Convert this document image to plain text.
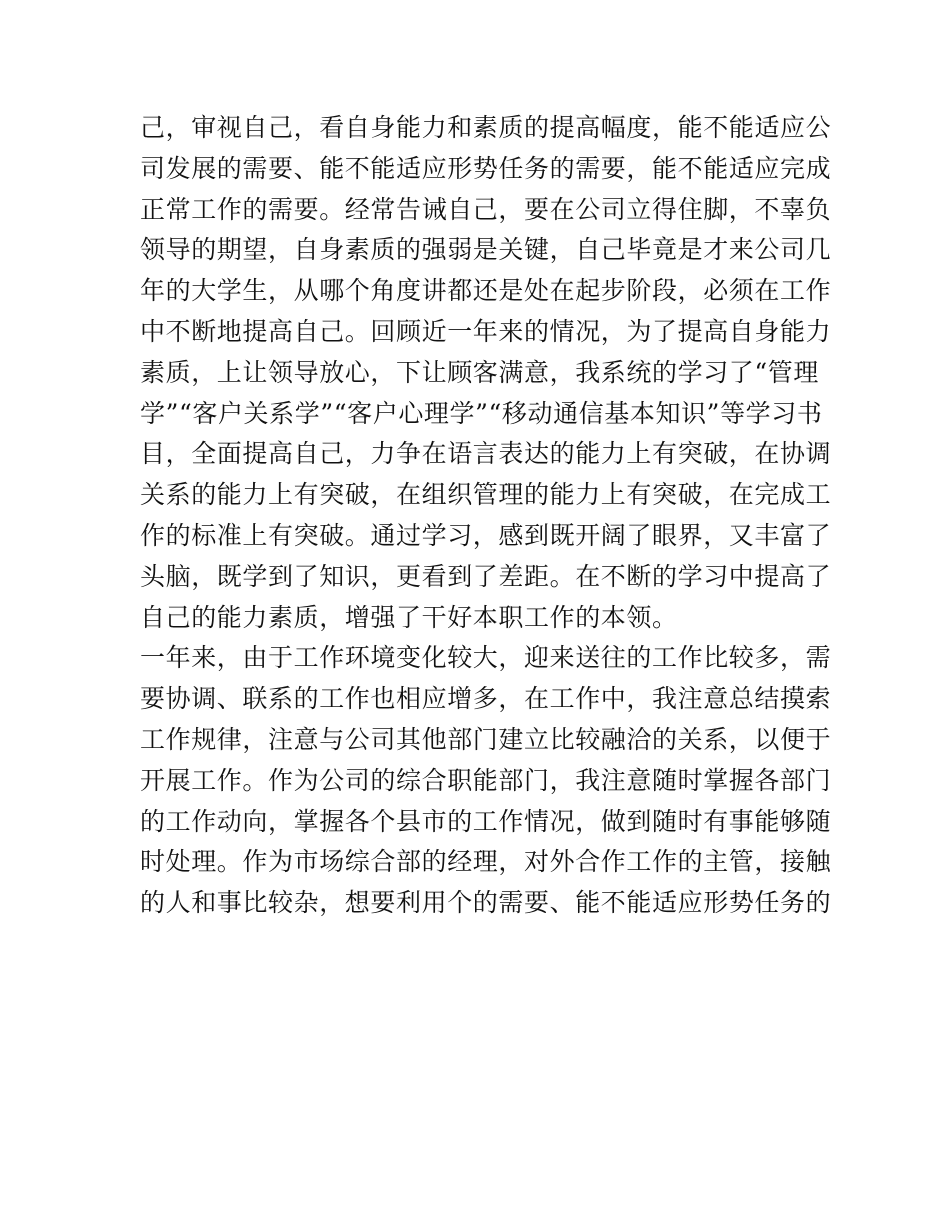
己，审视自己，看自身能力和素质的提高幅度，能不能适应公
司发展的需要、能不能适应形势任务的需要，能不能适应完成
正常工作的需要。经常告诫自己，要在公司立得住脚，不辜负
领导的期望，自身素质的强弱是关键，自己毕竟是才来公司几
年的大学生，从哪个角度讲都还是处在起步阶段，必须在工作
中不断地提高自己。回顾近一年来的情况，为了提高自身能力
素质，上让领导放心，下让顾客满意，我系统的学习了“管理
学”“客户关系学”“客户心理学”“移动通信基本知识”等学习书
目，全面提高自己，力争在语言表达的能力上有突破，在协调
关系的能力上有突破，在组织管理的能力上有突破，在完成工
作的标准上有突破。通过学习，感到既开阔了眼界，又丰富了
头脑，既学到了知识，更看到了差距。在不断的学习中提高了
自己的能力素质，增强了干好本职工作的本领。
一年来，由于工作环境变化较大，迎来送往的工作比较多，需
要协调、联系的工作也相应增多，在工作中，我注意总结摸索
工作规律，注意与公司其他部门建立比较融洽的关系，以便于
开展工作。作为公司的综合职能部门，我注意随时掌握各部门
的工作动向，掌握各个县市的工作情况，做到随时有事能够随
时处理。作为市场综合部的经理，对外合作工作的主管，接触
的人和事比较杂，想要利用个的需要、能不能适应形势任务的
